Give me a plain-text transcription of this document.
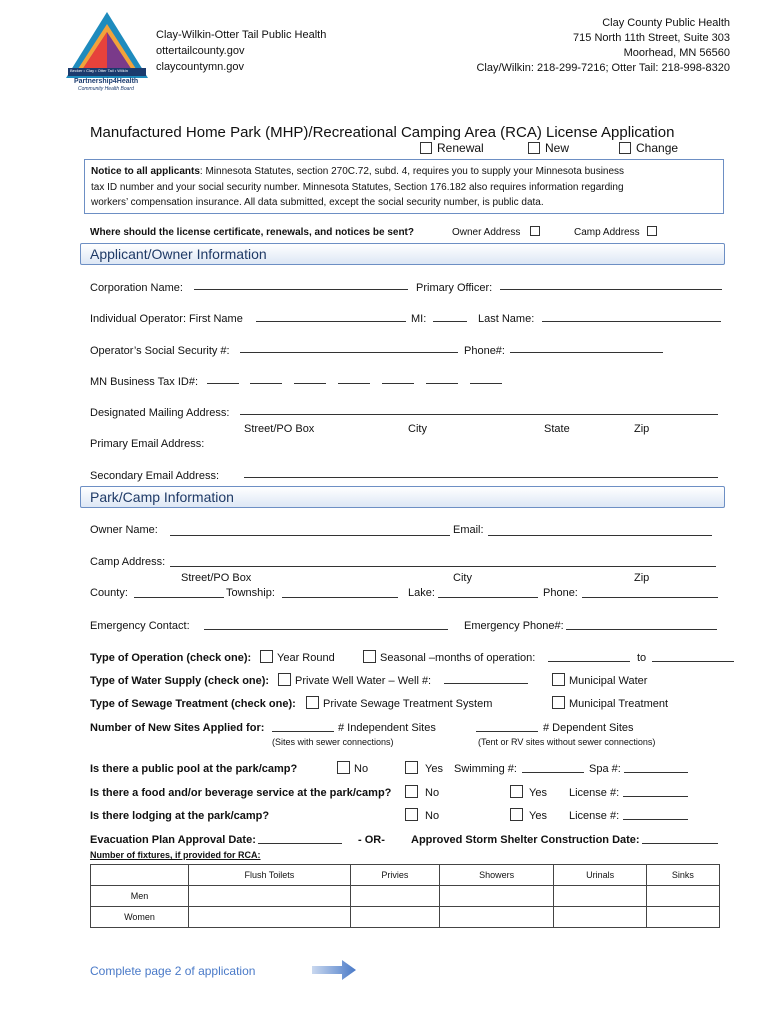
Becker • Clay • Otter Tail • Wilkin
Partnership4Health
Community Health Board
Clay-Wilkin-Otter Tail Public Health
ottertailcounty.gov
claycountymn.gov
Clay County Public Health
715 North 11th Street, Suite 303
Moorhead, MN 56560
Clay/Wilkin: 218-299-7216; Otter Tail: 218-998-8320
Manufactured Home Park (MHP)/Recreational Camping Area (RCA) License Application
Renewal	New	Change
Notice to all applicants: Minnesota Statutes, section 270C.72, subd. 4, requires you to supply your Minnesota business
tax ID number and your social security number. Minnesota Statutes, Section 176.182 also requires information regarding
workers’ compensation insurance. All data submitted, except the social security number, is public data.
Where should the license certificate, renewals, and notices be sent?	Owner Address	Camp Address
Applicant/Owner Information
Corporation Name:	Primary Officer:
Individual Operator: First Name	MI:	Last Name:
Operator’s Social Security #:	Phone#:
MN Business Tax ID#:
Designated Mailing Address:
Street/PO Box	City	State	Zip
Primary Email Address:
Secondary Email Address:
Park/Camp Information
Owner Name:	Email:
Camp Address:
Street/PO Box	City	Zip
County:	Township:	Lake:	Phone:
Emergency Contact:	Emergency Phone#:
Type of Operation (check one): Year Round	Seasonal –months of operation:	to
Type of Water Supply (check one): Private Well Water – Well #:	Municipal Water
Type of Sewage Treatment (check one): Private Sewage Treatment System	Municipal Treatment
Number of New Sites Applied for:	# Independent Sites
(Sites with sewer connections)
# Dependent Sites
(Tent or RV sites without sewer connections)
Is there a public pool at the park/camp?	No	Yes Swimming #:	Spa #:
Is there a food and/or beverage service at the park/camp?	No	Yes License #:
Is there lodging at the park/camp?	No	Yes License #:
Evacuation Plan Approval Date:	- OR- Approved Storm Shelter Construction Date:
Number of fixtures, if provided for RCA:
	Flush Toilets	Privies	Showers	Urinals	Sinks
Men					
Women					
Complete page 2 of application
